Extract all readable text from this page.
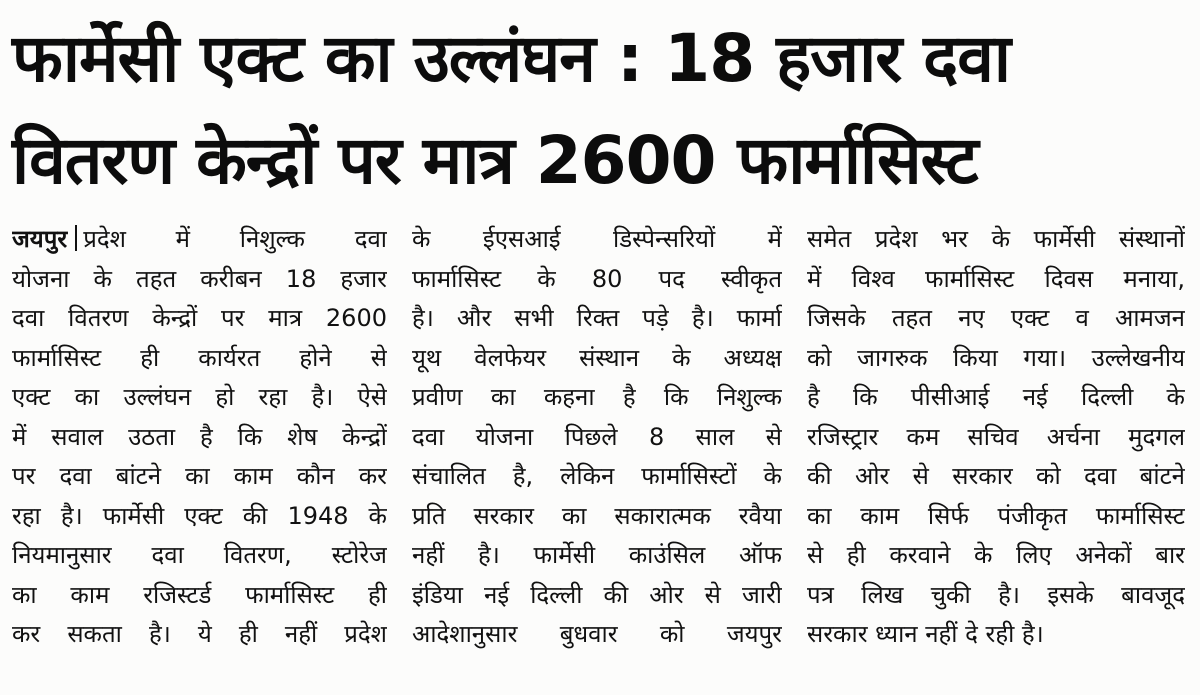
फार्मेसी एक्ट का उल्लंघन : 18 हजार दवा
वितरण केन्द्रों पर मात्र 2600 फार्मासिस्ट

जयपुर प्रदेश में निशुल्क दवा
योजना के तहत करीबन 18 हजार
दवा वितरण केन्द्रों पर मात्र 2600
फार्मासिस्ट ही कार्यरत होने से
एक्ट का उल्लंघन हो रहा है। ऐसे
में सवाल उठता है कि शेष केन्द्रों
पर दवा बांटने का काम कौन कर
रहा है। फार्मेसी एक्ट की 1948 के
नियमानुसार दवा वितरण, स्टोरेज
का काम रजिस्टर्ड फार्मासिस्ट ही
कर सकता है। ये ही नहीं प्रदेश

के ईएसआई डिस्पेन्सरियों में
फार्मासिस्ट के 80 पद स्वीकृत
है। और सभी रिक्त पड़े है। फार्मा
यूथ वेलफेयर संस्थान के अध्यक्ष
प्रवीण का कहना है कि निशुल्क
दवा योजना पिछले 8 साल से
संचालित है, लेकिन फार्मासिस्टों के
प्रति सरकार का सकारात्मक रवैया
नहीं है। फार्मेसी काउंसिल ऑफ
इंडिया नई दिल्ली की ओर से जारी
आदेशानुसार बुधवार को जयपुर

समेत प्रदेश भर के फार्मेसी संस्थानों
में विश्व फार्मासिस्ट दिवस मनाया,
जिसके तहत नए एक्ट व आमजन
को जागरुक किया गया। उल्लेखनीय
है कि पीसीआई नई दिल्ली के
रजिस्ट्रार कम सचिव अर्चना मुदगल
की ओर से सरकार को दवा बांटने
का काम सिर्फ पंजीकृत फार्मासिस्ट
से ही करवाने के लिए अनेकों बार
पत्र लिख चुकी है। इसके बावजूद
सरकार ध्यान नहीं दे रही है।
